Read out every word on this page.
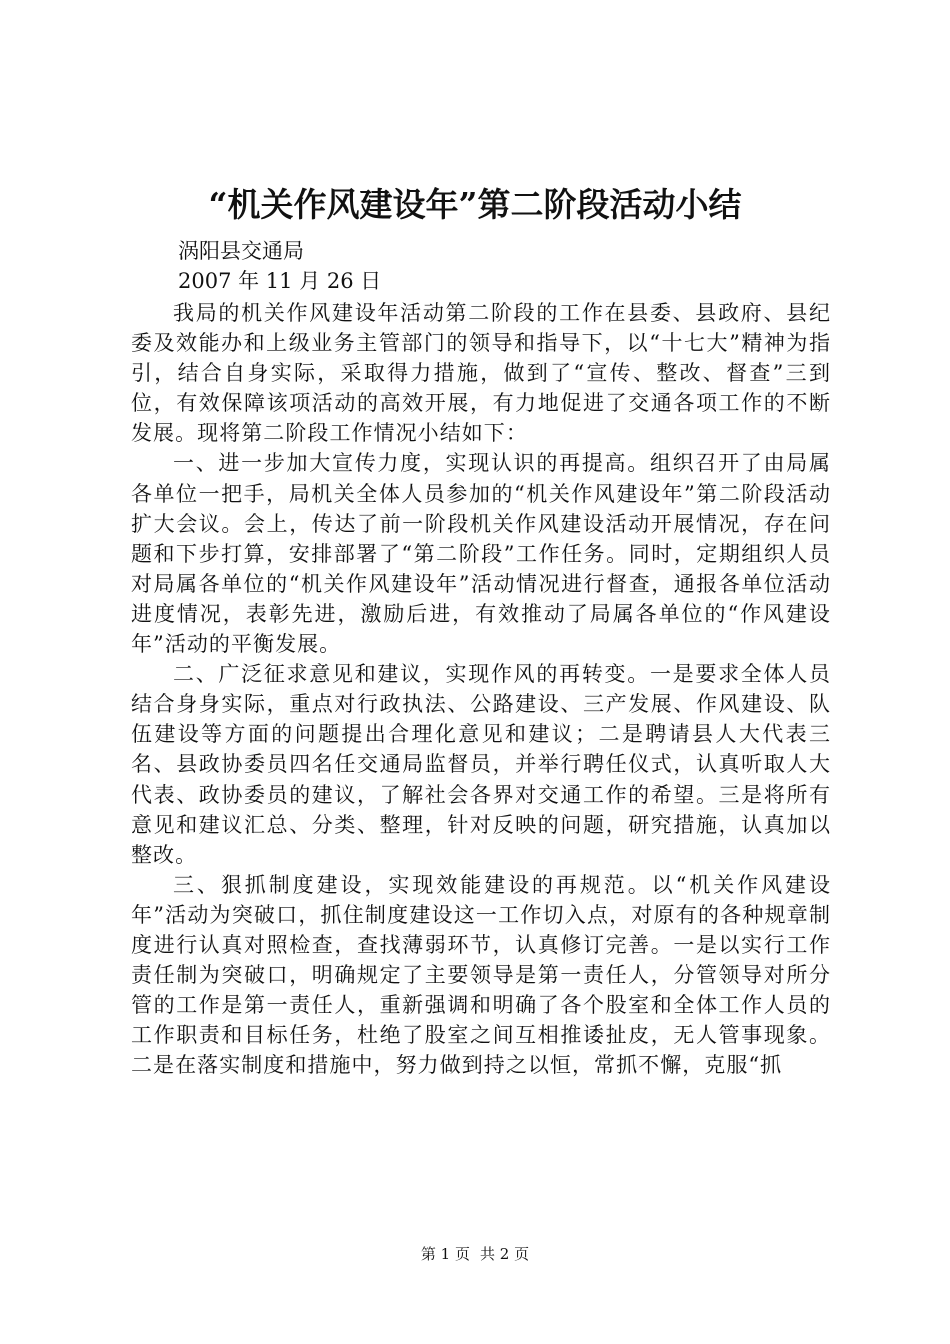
“机关作风建设年”第二阶段活动小结
涡阳县交通局
2007 年 11 月 26 日

我局的机关作风建设年活动第二阶段的工作在县委、县政府、县纪委及效能办和上级业务主管部门的领导和指导下，以“十七大”精神为指引，结合自身实际，采取得力措施，做到了“宣传、整改、督查”三到位，有效保障该项活动的高效开展，有力地促进了交通各项工作的不断发展。现将第二阶段工作情况小结如下：

一、进一步加大宣传力度，实现认识的再提高。组织召开了由局属各单位一把手，局机关全体人员参加的“机关作风建设年”第二阶段活动扩大会议。会上，传达了前一阶段机关作风建设活动开展情况，存在问题和下步打算，安排部署了“第二阶段”工作任务。同时，定期组织人员对局属各单位的“机关作风建设年”活动情况进行督查，通报各单位活动进度情况，表彰先进，激励后进，有效推动了局属各单位的“作风建设年”活动的平衡发展。

二、广泛征求意见和建议，实现作风的再转变。一是要求全体人员结合身身实际，重点对行政执法、公路建设、三产发展、作风建设、队伍建设等方面的问题提出合理化意见和建议；二是聘请县人大代表三名、县政协委员四名任交通局监督员，并举行聘任仪式，认真听取人大代表、政协委员的建议，了解社会各界对交通工作的希望。三是将所有意见和建议汇总、分类、整理，针对反映的问题，研究措施，认真加以整改。

三、狠抓制度建设，实现效能建设的再规范。以“机关作风建设年”活动为突破口，抓住制度建设这一工作切入点，对原有的各种规章制度进行认真对照检查，查找薄弱环节，认真修订完善。一是以实行工作责任制为突破口，明确规定了主要领导是第一责任人，分管领导对所分管的工作是第一责任人，重新强调和明确了各个股室和全体工作人员的工作职责和目标任务，杜绝了股室之间互相推诿扯皮，无人管事现象。二是在落实制度和措施中，努力做到持之以恒，常抓不懈，克服“抓

第 1 页 共 2 页
